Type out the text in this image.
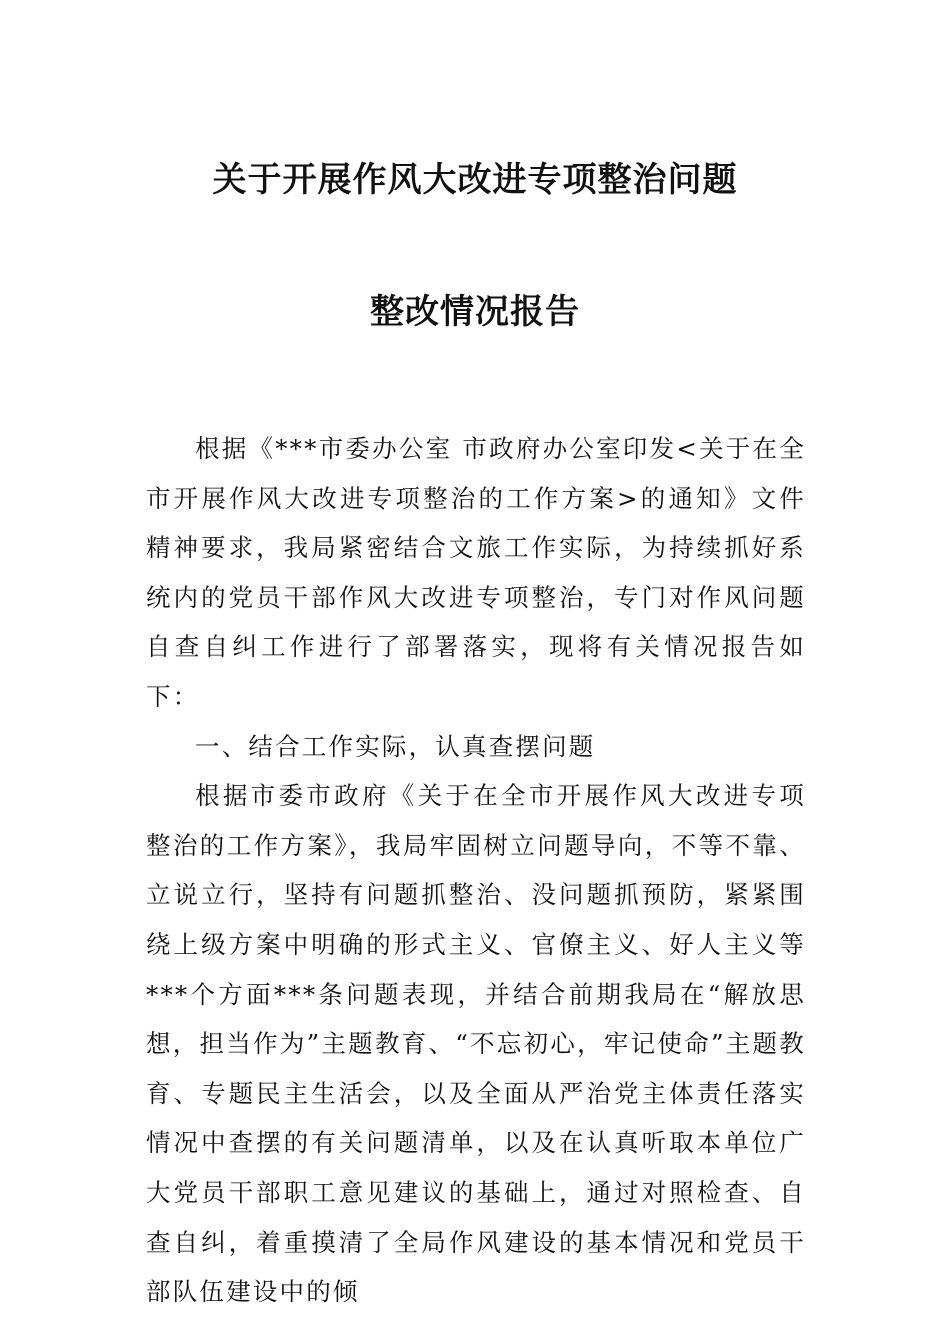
关于开展作风大改进专项整治问题
整改情况报告

根据《***市委办公室 市政府办公室印发<关于在全市开展作风大改进专项整治的工作方案>的通知》文件精神要求，我局紧密结合文旅工作实际，为持续抓好系统内的党员干部作风大改进专项整治，专门对作风问题自查自纠工作进行了部署落实，现将有关情况报告如下：

一、结合工作实际，认真查摆问题

根据市委市政府《关于在全市开展作风大改进专项整治的工作方案》，我局牢固树立问题导向，不等不靠、立说立行，坚持有问题抓整治、没问题抓预防，紧紧围绕上级方案中明确的形式主义、官僚主义、好人主义等***个方面***条问题表现，并结合前期我局在“解放思想，担当作为”主题教育、“不忘初心，牢记使命”主题教育、专题民主生活会，以及全面从严治党主体责任落实情况中查摆的有关问题清单，以及在认真听取本单位广大党员干部职工意见建议的基础上，通过对照检查、自查自纠，着重摸清了全局作风建设的基本情况和党员干部队伍建设中的倾
